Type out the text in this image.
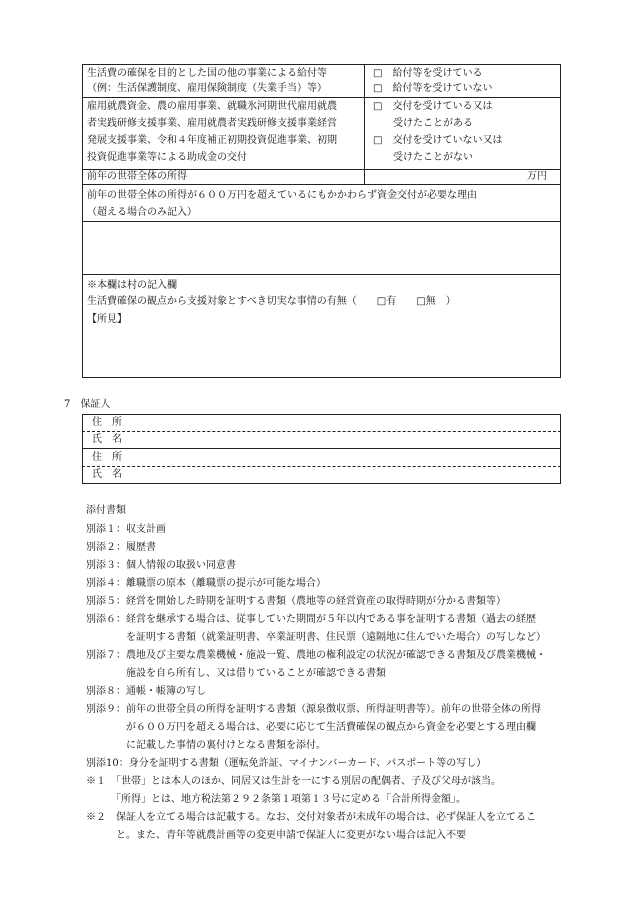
生活費の確保を目的とした国の他の事業による給付等
（例：生活保護制度、雇用保険制度（失業手当）等）
□　給付等を受けている
□　給付等を受けていない
雇用就農資金、農の雇用事業、就職氷河期世代雇用就農
者実践研修支援事業、雇用就農者実践研修支援事業経営
発展支援事業、令和４年度補正初期投資促進事業、初期
投資促進事業等による助成金の交付
□　交付を受けている又は
　　受けたことがある
□　交付を受けていない又は
　　受けたことがない
前年の世帯全体の所得	万円
前年の世帯全体の所得が６００万円を超えているにもかかわらず資金交付が必要な理由
（超える場合のみ記入）
※本欄は村の記入欄
生活費確保の観点から支援対象とすべき切実な事情の有無（　　□有　　□無　）
【所見】
7　保証人
住　所
氏　名
住　所
氏　名
添付書類
別添１：収支計画
別添２：履歴書
別添３：個人情報の取扱い同意書
別添４：離職票の原本（離職票の提示が可能な場合）
別添５：経営を開始した時期を証明する書類（農地等の経営資産の取得時期が分かる書類等）
別添６：経営を継承する場合は、従事していた期間が５年以内である事を証明する書類（過去の経歴
　　　　を証明する書類（就業証明書、卒業証明書、住民票（遠隔地に住んでいた場合）の写しなど）
別添７：農地及び主要な農業機械・施設一覧、農地の権利設定の状況が確認できる書類及び農業機械・
　　　　施設を自ら所有し、又は借りていることが確認できる書類
別添８：通帳・帳簿の写し
別添９：前年の世帯全員の所得を証明する書類（源泉徴収票、所得証明書等）。前年の世帯全体の所得
　　　　が６００万円を超える場合は、必要に応じて生活費確保の観点から資金を必要とする理由欄
　　　　に記載した事情の裏付けとなる書類を添付。
別添10：身分を証明する書類（運転免許証、マイナンバーカード、パスポート等の写し）
※１　「世帯」とは本人のほか、同居又は生計を一にする別居の配偶者、子及び父母が該当。
　　　「所得」とは、地方税法第２９２条第１項第１３号に定める「合計所得金額」。
※２　保証人を立てる場合は記載する。なお、交付対象者が未成年の場合は、必ず保証人を立てるこ
　　　と。また、青年等就農計画等の変更申請で保証人に変更がない場合は記入不要
